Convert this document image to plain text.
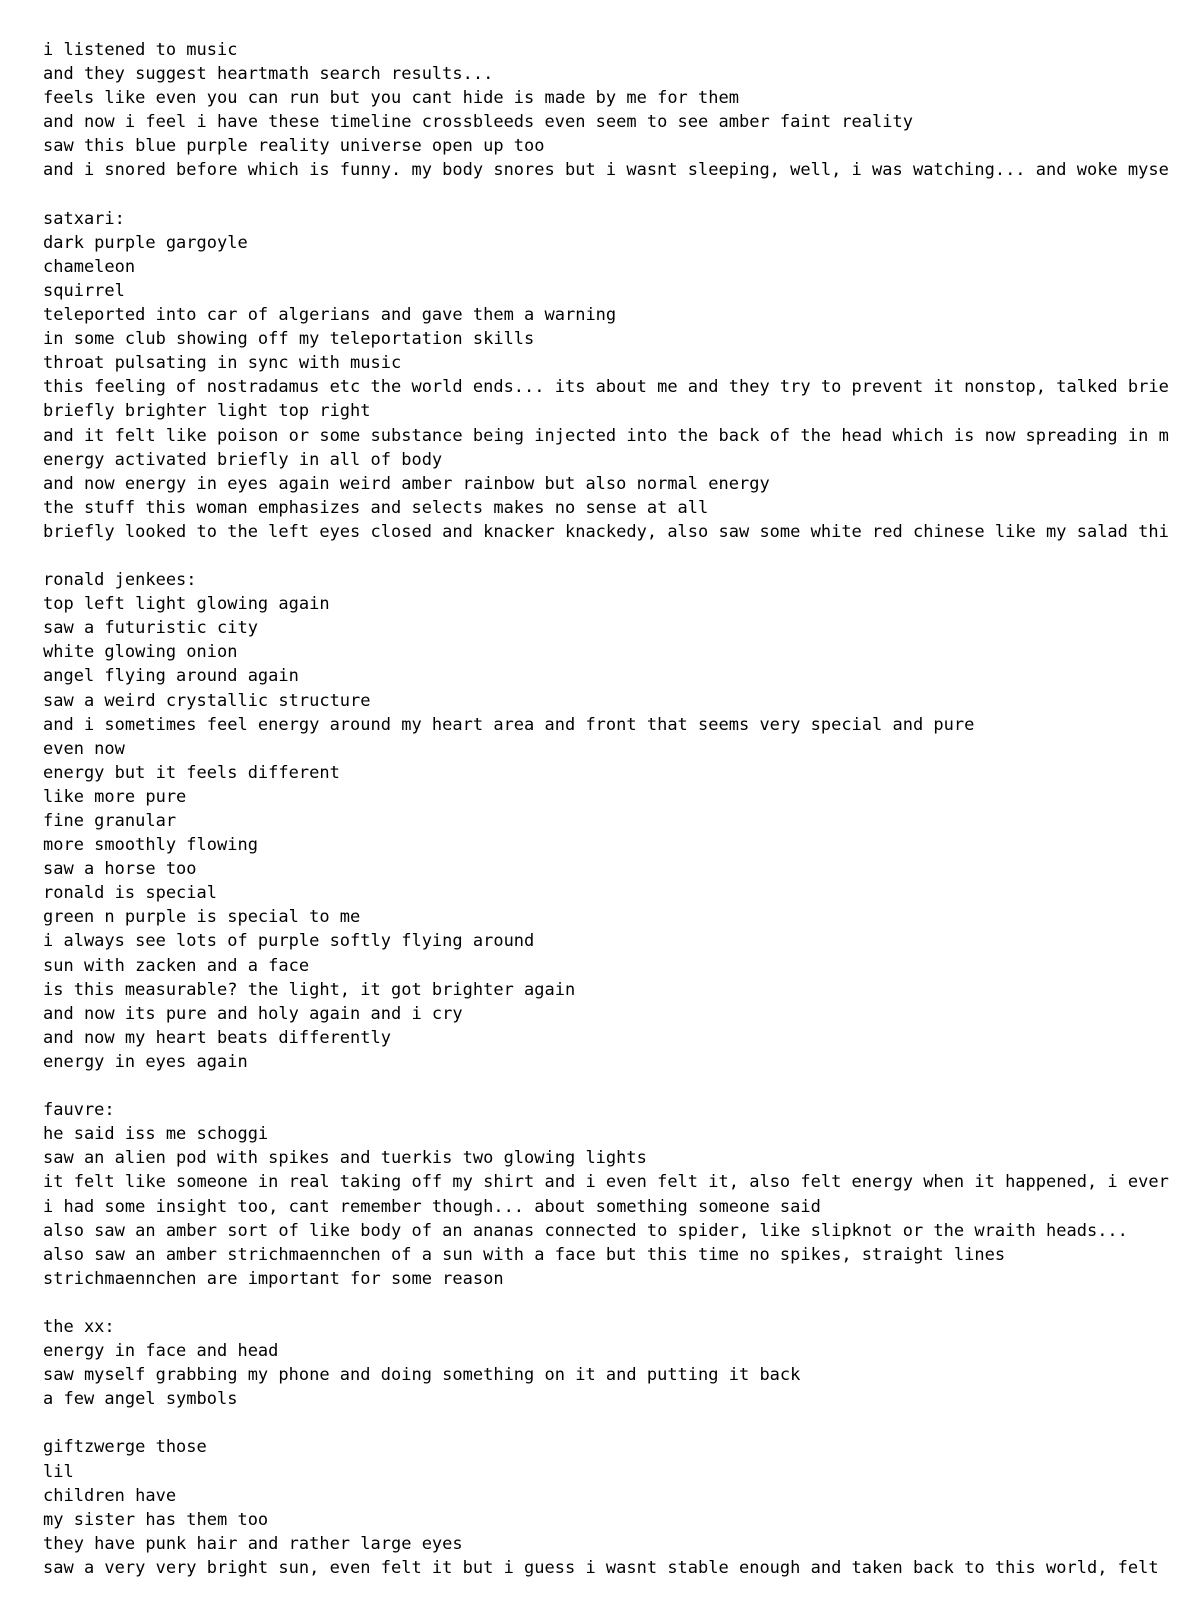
i listened to music
and they suggest heartmath search results...
feels like even you can run but you cant hide is made by me for them
and now i feel i have these timeline crossbleeds even seem to see amber faint reality
saw this blue purple reality universe open up too
and i snored before which is funny. my body snores but i wasnt sleeping, well, i was watching... and woke myse
satxari:
dark purple gargoyle
chameleon
squirrel
teleported into car of algerians and gave them a warning
in some club showing off my teleportation skills
throat pulsating in sync with music
this feeling of nostradamus etc the world ends... its about me and they try to prevent it nonstop, talked brie
briefly brighter light top right
and it felt like poison or some substance being injected into the back of the head which is now spreading in m
energy activated briefly in all of body
and now energy in eyes again weird amber rainbow but also normal energy
the stuff this woman emphasizes and selects makes no sense at all
briefly looked to the left eyes closed and knacker knackedy, also saw some white red chinese like my salad thi
ronald jenkees:
top left light glowing again
saw a futuristic city
white glowing onion
angel flying around again
saw a weird crystallic structure
and i sometimes feel energy around my heart area and front that seems very special and pure
even now
energy but it feels different
like more pure
fine granular
more smoothly flowing
saw a horse too
ronald is special
green n purple is special to me
i always see lots of purple softly flying around
sun with zacken and a face
is this measurable? the light, it got brighter again
and now its pure and holy again and i cry
and now my heart beats differently
energy in eyes again
fauvre:
he said iss me schoggi
saw an alien pod with spikes and tuerkis two glowing lights
it felt like someone in real taking off my shirt and i even felt it, also felt energy when it happened, i ever
i had some insight too, cant remember though... about something someone said
also saw an amber sort of like body of an ananas connected to spider, like slipknot or the wraith heads...
also saw an amber strichmaennchen of a sun with a face but this time no spikes, straight lines
strichmaennchen are important for some reason
the xx:
energy in face and head
saw myself grabbing my phone and doing something on it and putting it back
a few angel symbols
giftzwerge those
lil
children have
my sister has them too
they have punk hair and rather large eyes
saw a very very bright sun, even felt it but i guess i wasnt stable enough and taken back to this world, felt
